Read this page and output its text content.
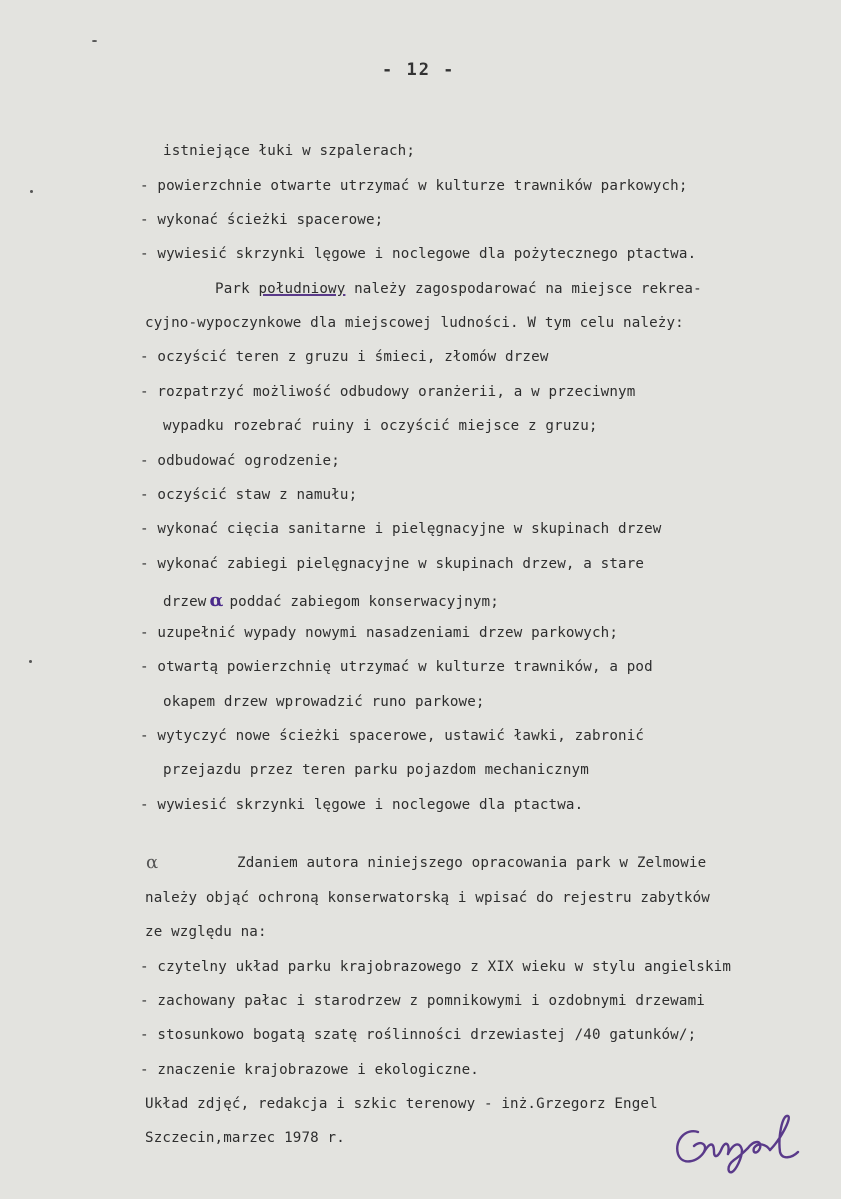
- 12 -
istniejące łuki w szpalerach;
- powierzchnie otwarte utrzymać w kulturze trawników parkowych;
- wykonać ścieżki spacerowe;
- wywiesić skrzynki lęgowe i noclegowe dla pożytecznego ptactwa.
Park południowy należy zagospodarować na miejsce rekrea-
cyjno-wypoczynkowe dla miejscowej ludności. W tym celu należy:
- oczyścić teren z gruzu i śmieci, złomów drzew
- rozpatrzyć możliwość odbudowy oranżerii, a w przeciwnym
wypadku rozebrać ruiny i oczyścić miejsce z gruzu;
- odbudować ogrodzenie;
- oczyścić staw z namułu;
- wykonać cięcia sanitarne i pielęgnacyjne w skupinach drzew
- wykonać zabiegi pielęgnacyjne w skupinach drzew, a stare
drzew α poddać zabiegom konserwacyjnym;
- uzupełnić wypady nowymi nasadzeniami drzew parkowych;
- otwartą powierzchnię utrzymać w kulturze trawników, a pod
okapem drzew wprowadzić runo parkowe;
- wytyczyć nowe ścieżki spacerowe, ustawić ławki, zabronić
przejazdu przez teren parku pojazdom mechanicznym
- wywiesić skrzynki lęgowe i noclegowe dla ptactwa.
α	Zdaniem autora niniejszego opracowania park w Zelmowie
należy objąć ochroną konserwatorską i wpisać do rejestru zabytków
ze względu na:
- czytelny układ parku krajobrazowego z XIX wieku w stylu angielskim
- zachowany pałac i starodrzew z pomnikowymi i ozdobnymi drzewami
- stosunkowo bogatą szatę roślinności drzewiastej /40 gatunków/;
- znaczenie krajobrazowe i ekologiczne.
Układ zdjęć, redakcja i szkic terenowy - inż.Grzegorz Engel
Szczecin,marzec 1978 r.
